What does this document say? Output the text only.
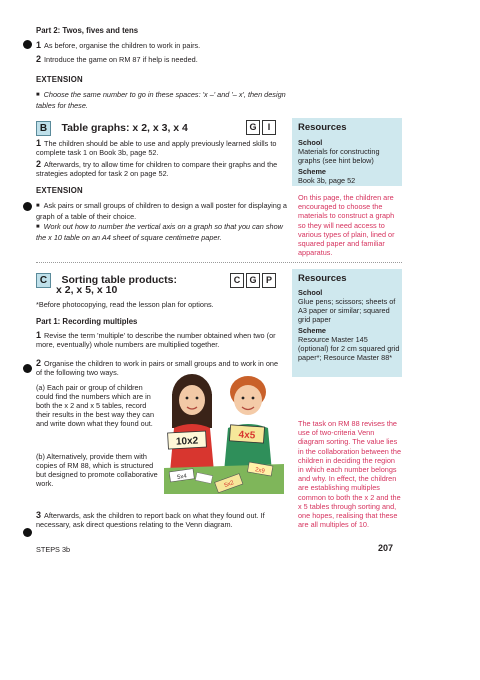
Part 2: Twos, fives and tens
1 As before, organise the children to work in pairs.
2 Introduce the game on RM 87 if help is needed.
EXTENSION
■ Choose the same number to go in these spaces: 'x –' and '– x', then design tables for these.
B Table graphs: x 2, x 3, x 4	G I
1 The children should be able to use and apply previously learned skills to complete task 1 on Book 3b, page 52.
2 Afterwards, try to allow time for children to compare their graphs and the strategies adopted for task 2 on page 52.
EXTENSION
■ Ask pairs or small groups of children to design a wall poster for displaying a graph of a table of their choice.
■ Work out how to number the vertical axis on a graph so that you can show the x 10 table on an A4 sheet of square centimetre paper.
Resources
School
Materials for constructing graphs (see hint below)
Scheme
Book 3b, page 52
On this page, the children are encouraged to choose the materials to construct a graph so they will need access to various types of plain, lined or squared paper and familiar apparatus.
C Sorting table products:
x 2, x 5, x 10
C G P
*Before photocopying, read the lesson plan for options.
Part 1: Recording multiples
1 Revise the term 'multiple' to describe the number obtained when two (or more, eventually) whole numbers are multiplied together.
2 Organise the children to work in pairs or small groups and to work in one of the following two ways.
(a) Each pair or group of children could find the numbers which are in both the x 2 and x 5 tables, record their results in the best way they can and write down what they found out.
(b) Alternatively, provide them with copies of RM 88, which is structured but designed to promote collaborative work.
10x2
4x5
5x4
2x9
5x2
3 Afterwards, ask the children to report back on what they found out. If necessary, ask direct questions relating to the Venn diagram.
Resources
School
Glue pens; scissors; sheets of A3 paper or similar; squared grid paper
Scheme
Resource Master 145 (optional) for 2 cm squared grid paper*; Resource Master 88*
The task on RM 88 revises the use of two-criteria Venn diagram sorting. The value lies in the collaboration between the children in deciding the region in which each number belongs and why. In effect, the children are establishing multiples common to both the x 2 and the x 5 tables through sorting and, one hopes, realising that these are all multiples of 10.
STEPS 3b	207
